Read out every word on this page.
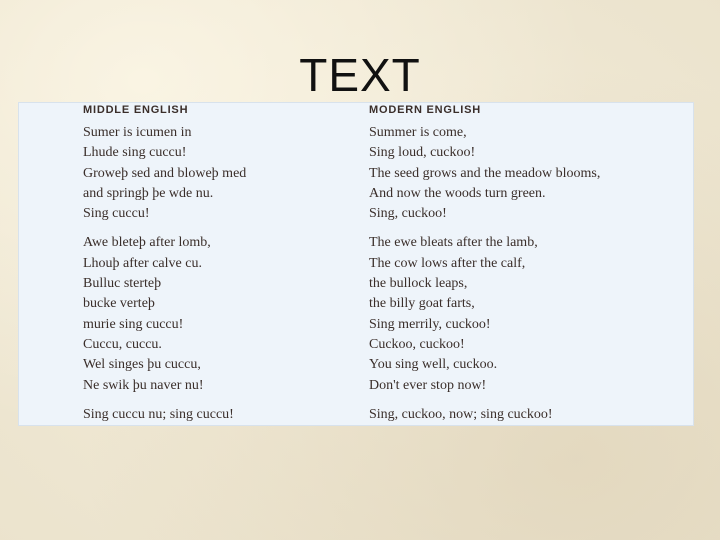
TEXT
MIDDLE ENGLISH
Sumer is icumen in
Lhude sing cuccu!
Groweþ sed and bloweþ med
and springþ þe wde nu.
Sing cuccu!
Awe bleteþ after lomb,
Lhouþ after calve cu.
Bulluc sterteþ
bucke verteþ
murie sing cuccu!
Cuccu, cuccu.
Wel singes þu cuccu,
Ne swik þu naver nu!
Sing cuccu nu; sing cuccu!
MODERN ENGLISH
Summer is come,
Sing loud, cuckoo!
The seed grows and the meadow blooms,
And now the woods turn green.
Sing, cuckoo!
The ewe bleats after the lamb,
The cow lows after the calf,
the bullock leaps,
the billy goat farts,
Sing merrily, cuckoo!
Cuckoo, cuckoo!
You sing well, cuckoo.
Don't ever stop now!
Sing, cuckoo, now; sing cuckoo!
